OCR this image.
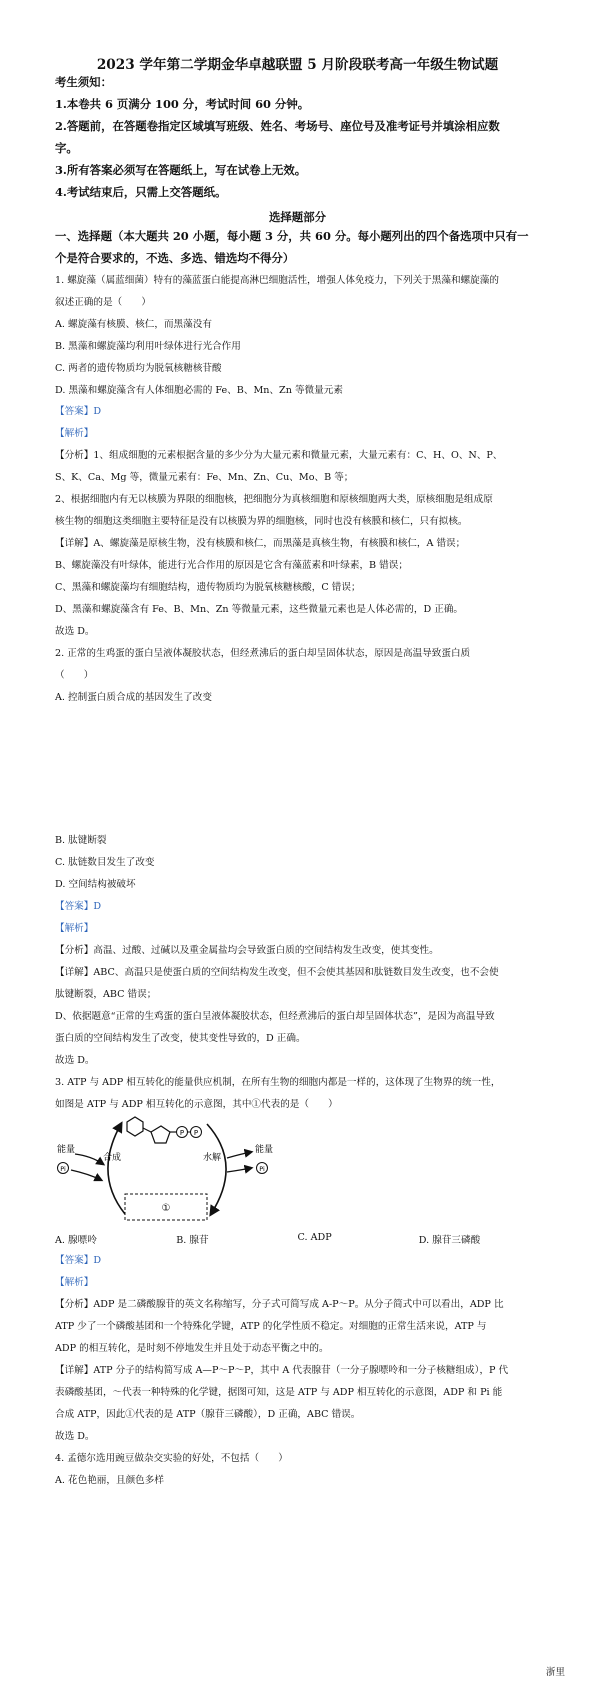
2023 学年第二学期金华卓越联盟 5 月阶段联考高一年级生物试题
考生须知：
1.本卷共 6 页满分 100 分，考试时间 60 分钟。
2.答题前，在答题卷指定区域填写班级、姓名、考场号、座位号及准考证号并填涂相应数
字。
3.所有答案必须写在答题纸上，写在试卷上无效。
4.考试结束后，只需上交答题纸。
选择题部分
一、选择题（本大题共 20 小题，每小题 3 分，共 60 分。每小题列出的四个备选项中只有一
个是符合要求的，不选、多选、错选均不得分）
1. 螺旋藻（属蓝细菌）特有的藻蓝蛋白能提高淋巴细胞活性，增强人体免疫力，下列关于黑藻和螺旋藻的
叙述正确的是（　　）
A. 螺旋藻有核膜、核仁，而黑藻没有
B. 黑藻和螺旋藻均利用叶绿体进行光合作用
C. 两者的遗传物质均为脱氧核糖核苷酸
D. 黑藻和螺旋藻含有人体细胞必需的 Fe、B、Mn、Zn 等微量元素
【答案】D
【解析】
【分析】1、组成细胞的元素根据含量的多少分为大量元素和微量元素，大量元素有：C、H、O、N、P、
S、K、Ca、Mg 等，微量元素有：Fe、Mn、Zn、Cu、Mo、B 等；
2、根据细胞内有无以核膜为界限的细胞核，把细胞分为真核细胞和原核细胞两大类，原核细胞是组成原
核生物的细胞这类细胞主要特征是没有以核膜为界的细胞核，同时也没有核膜和核仁，只有拟核。
【详解】A、螺旋藻是原核生物，没有核膜和核仁，而黑藻是真核生物，有核膜和核仁，A 错误；
B、螺旋藻没有叶绿体，能进行光合作用的原因是它含有藻蓝素和叶绿素，B 错误；
C、黑藻和螺旋藻均有细胞结构，遗传物质均为脱氧核糖核酸，C 错误；
D、黑藻和螺旋藻含有 Fe、B、Mn、Zn 等微量元素，这些微量元素也是人体必需的，D 正确。
故选 D。
2. 正常的生鸡蛋的蛋白呈液体凝胶状态，但经煮沸后的蛋白却呈固体状态，原因是高温导致蛋白质
（　　）
A. 控制蛋白质合成的基因发生了改变
B. 肽键断裂
C. 肽链数目发生了改变
D. 空间结构被破坏
【答案】D
【解析】
【分析】高温、过酸、过碱以及重金属盐均会导致蛋白质的空间结构发生改变，使其变性。
【详解】ABC、高温只是使蛋白质的空间结构发生改变，但不会使其基因和肽链数目发生改变，也不会使
肽键断裂，ABC 错误；
D、依据题意“正常的生鸡蛋的蛋白呈液体凝胶状态，但经煮沸后的蛋白却呈固体状态”，是因为高温导致
蛋白质的空间结构发生了改变，使其变性导致的，D 正确。
故选 D。
3. ATP 与 ADP 相互转化的能量供应机制，在所有生物的细胞内都是一样的，这体现了生物界的统一性，
如图是 ATP 与 ADP 相互转化的示意图，其中①代表的是（　　）
P P
能量
Pi
合成	水解
能量
Pi
①
A. 腺嘌呤	B. 腺苷	C. ADP	D. 腺苷三磷酸
【答案】D
【解析】
【分析】ADP 是二磷酸腺苷的英文名称缩写，分子式可简写成 A-P～P。从分子简式中可以看出，ADP 比
ATP 少了一个磷酸基团和一个特殊化学键，ATP 的化学性质不稳定。对细胞的正常生活来说，ATP 与
ADP 的相互转化，是时刻不停地发生并且处于动态平衡之中的。
【详解】ATP 分子的结构简写成 A—P～P～P，其中 A 代表腺苷（一分子腺嘌呤和一分子核糖组成），P 代
表磷酸基团，～代表一种特殊的化学键，据图可知，这是 ATP 与 ADP 相互转化的示意图，ADP 和 Pi 能
合成 ATP，因此①代表的是 ATP（腺苷三磷酸），D 正确，ABC 错误。
故选 D。
4. 孟德尔选用豌豆做杂交实验的好处，不包括（　　）
A. 花色艳丽，且颜色多样
浙里
